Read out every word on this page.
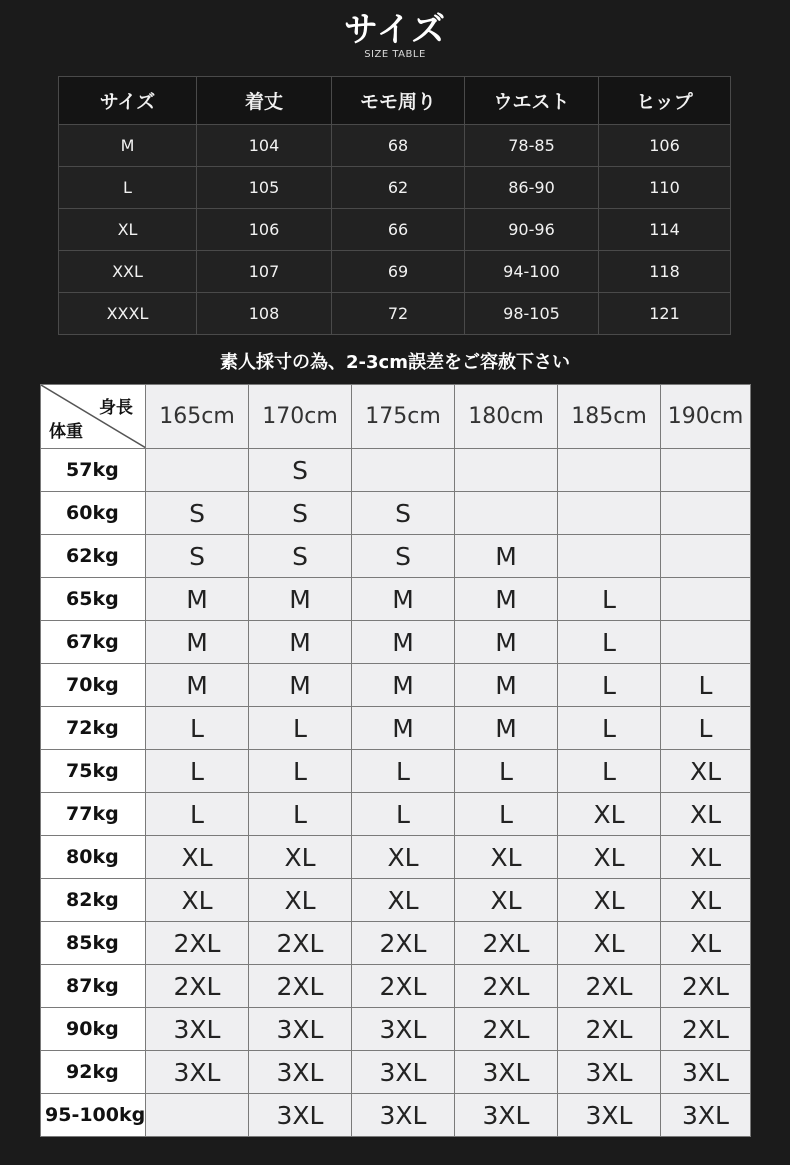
サイズ
SIZE TABLE
サイズ	着丈	モモ周り	ウエスト	ヒップ
M	104	68	78-85	106
L	105	62	86-90	110
XL	106	66	90-96	114
XXL	107	69	94-100	118
XXXL	108	72	98-105	121
素人採寸の為、2-3cm誤差をご容赦下さい
身長
体重	165cm	170cm	175cm	180cm	185cm	190cm
57kg		S				
60kg	S	S	S			
62kg	S	S	S	M		
65kg	M	M	M	M	L	
67kg	M	M	M	M	L	
70kg	M	M	M	M	L	L
72kg	L	L	M	M	L	L
75kg	L	L	L	L	L	XL
77kg	L	L	L	L	XL	XL
80kg	XL	XL	XL	XL	XL	XL
82kg	XL	XL	XL	XL	XL	XL
85kg	2XL	2XL	2XL	2XL	XL	XL
87kg	2XL	2XL	2XL	2XL	2XL	2XL
90kg	3XL	3XL	3XL	2XL	2XL	2XL
92kg	3XL	3XL	3XL	3XL	3XL	3XL
95-100kg		3XL	3XL	3XL	3XL	3XL
